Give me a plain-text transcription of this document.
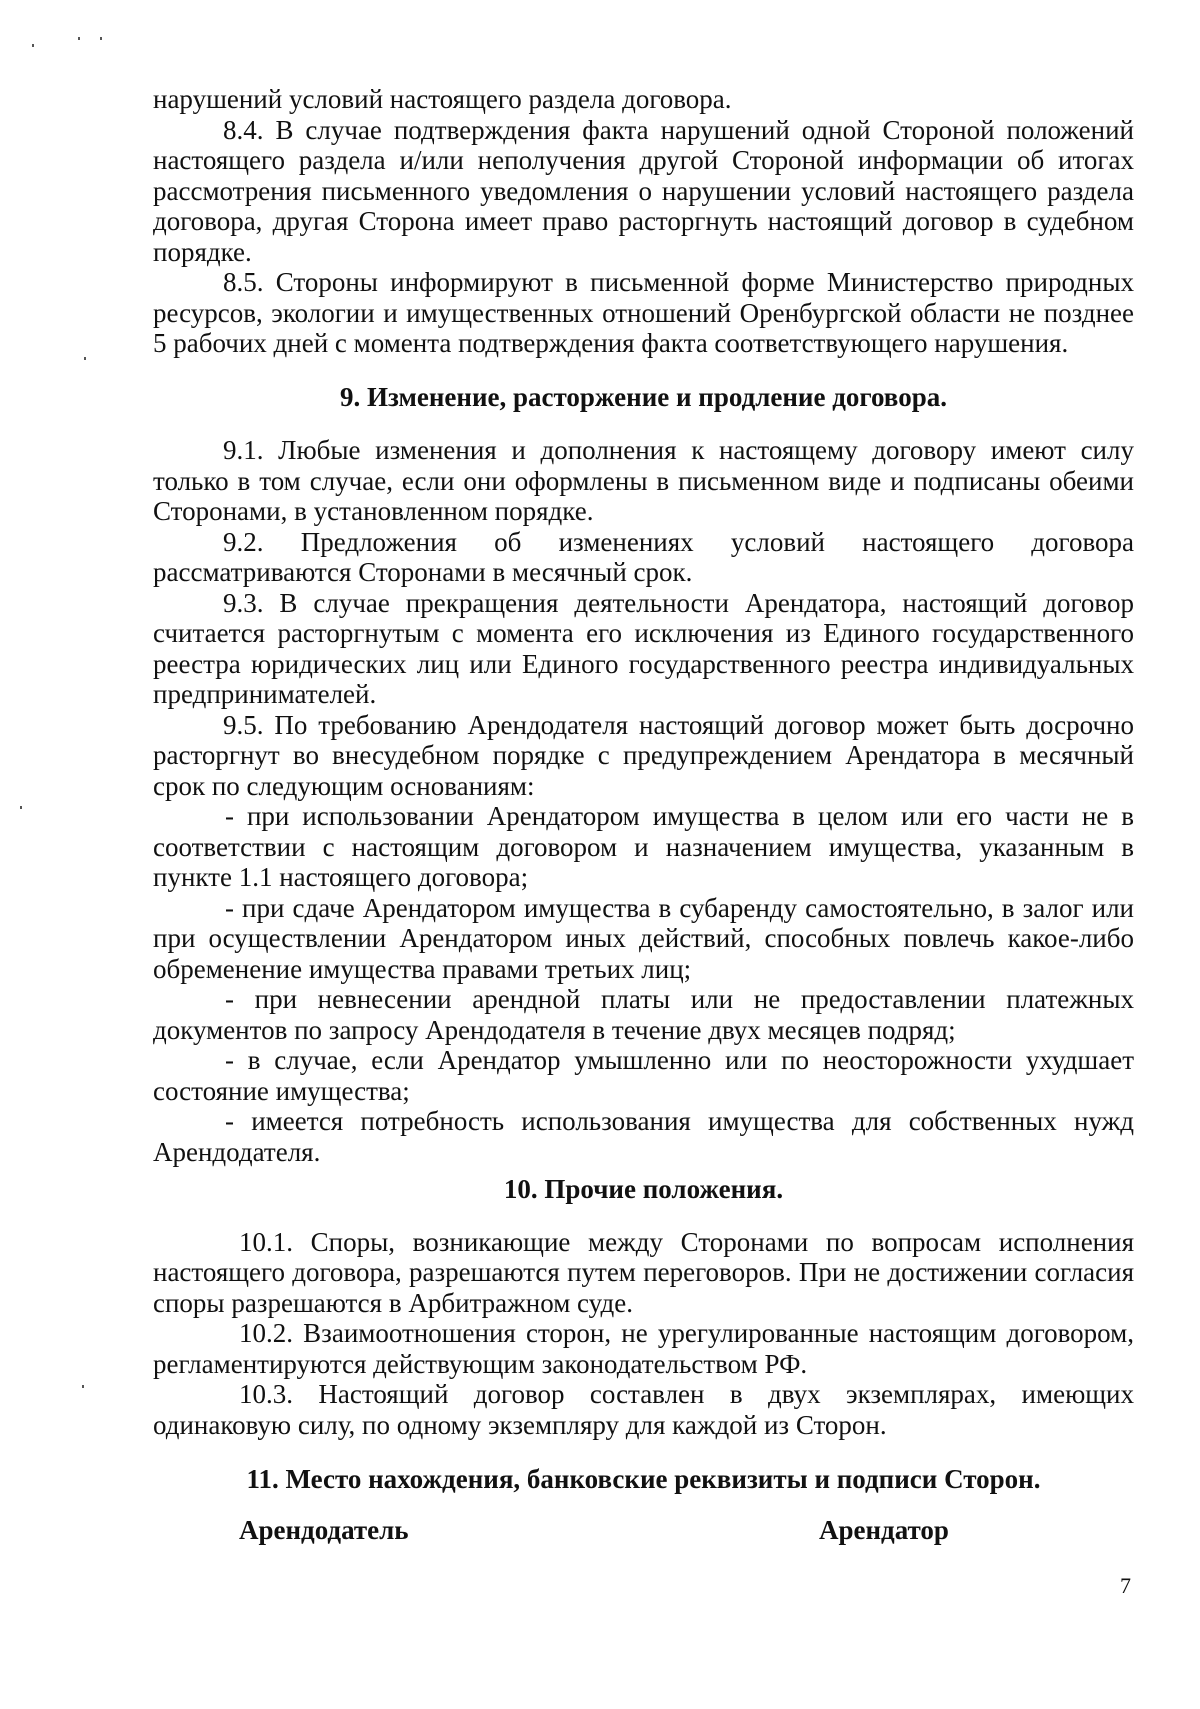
нарушений условий настоящего раздела договора.

8.4. В случае подтверждения факта нарушений одной Стороной положений настоящего раздела и/или неполучения другой Стороной информации об итогах рассмотрения письменного уведомления о нарушении условий настоящего раздела договора, другая Сторона имеет право расторгнуть настоящий договор в судебном порядке.

8.5. Стороны информируют в письменной форме Министерство природных ресурсов, экологии и имущественных отношений Оренбургской области не позднее 5 рабочих дней с момента подтверждения факта соответствующего нарушения.

9. Изменение, расторжение и продление договора.

9.1. Любые изменения и дополнения к настоящему договору имеют силу только в том случае, если они оформлены в письменном виде и подписаны обеими Сторонами, в установленном порядке.

9.2. Предложения об изменениях условий настоящего договора рассматриваются Сторонами в месячный срок.

9.3. В случае прекращения деятельности Арендатора, настоящий договор считается расторгнутым с момента его исключения из Единого государственного реестра юридических лиц или Единого государственного реестра индивидуальных предпринимателей.

9.5. По требованию Арендодателя настоящий договор может быть досрочно расторгнут во внесудебном порядке с предупреждением Арендатора в месячный срок по следующим основаниям:

- при использовании Арендатором имущества в целом или его части не в соответствии с настоящим договором и назначением имущества, указанным в пункте 1.1 настоящего договора;

- при сдаче Арендатором имущества в субаренду самостоятельно, в залог или при осуществлении Арендатором иных действий, способных повлечь какое-либо обременение имущества правами третьих лиц;

- при невнесении арендной платы или не предоставлении платежных документов по запросу Арендодателя в течение двух месяцев подряд;

- в случае, если Арендатор умышленно или по неосторожности ухудшает состояние имущества;

- имеется потребность использования имущества для собственных нужд Арендодателя.

10. Прочие положения.

10.1. Споры, возникающие между Сторонами по вопросам исполнения настоящего договора, разрешаются путем переговоров. При не достижении согласия споры разрешаются в Арбитражном суде.

10.2. Взаимоотношения сторон, не урегулированные настоящим договором, регламентируются действующим законодательством РФ.

10.3. Настоящий договор составлен в двух экземплярах, имеющих одинаковую силу, по одному экземпляру для каждой из Сторон.

11. Место нахождения, банковские реквизиты и подписи Сторон.

Арендодатель	Арендатор
7
